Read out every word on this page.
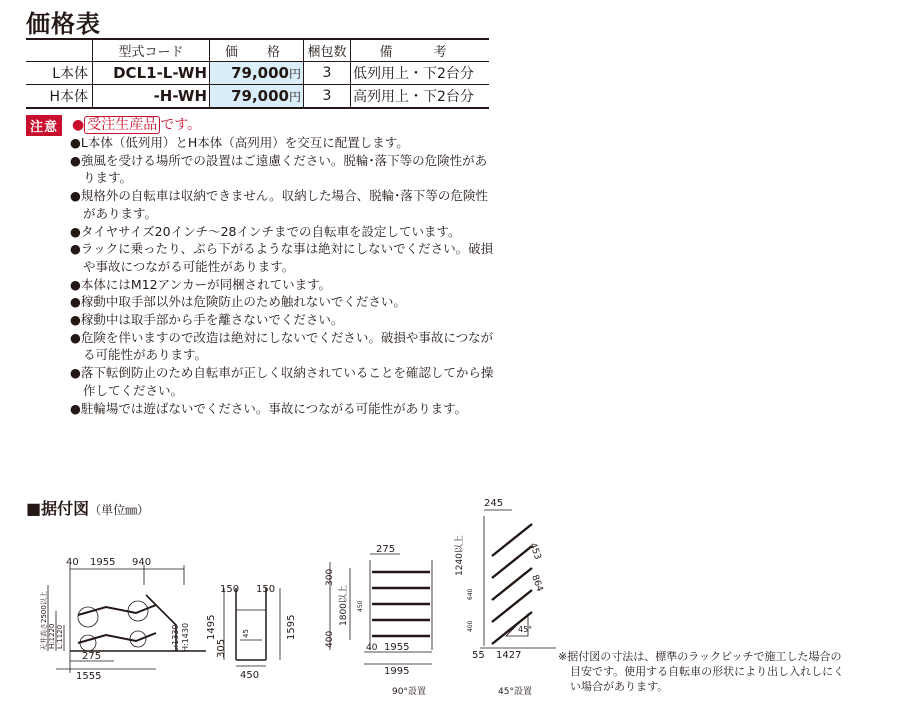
価格表
	型式コード	価　格	梱包数	備　考
L本体	DCL1-L-WH	79,000円	3	低列用上・下2台分
H本体	-H-WH	79,000円	3	高列用上・下2台分
注意 ● 受注生産品 です。
● L本体（低列用）とH本体（高列用）を交互に配置します。
● 強風を受ける場所での設置はご遠慮ください。脱輪･落下等の危険性があります。
● 規格外の自転車は収納できません。収納した場合、脱輪･落下等の危険性があります。
● タイヤサイズ20インチ〜28インチまでの自転車を設定しています。
● ラックに乗ったり、ぶら下がるような事は絶対にしないでください。破損や事故につながる可能性があります。
● 本体にはM12アンカーが同梱されています。
● 稼動中取手部以外は危険防止のため触れないでください。
● 稼動中は取手部から手を離さないでください。
● 危険を伴いますので改造は絶対にしないでください。破損や事故につながる可能性があります。
● 落下転倒防止のため自転車が正しく収納されていることを確認してから操作してください。
● 駐輪場では遊ばないでください。事故につながる可能性があります。
■据付図（単位㎜）
40 1955 940
天井高さ2500以上 H:1220 L:1120
275
1555
150 150
1495
305
L:1330 H:1430	1595
45
450
275
300
400
1800以上 450
40 1955
1995
90°設置
245
1240以上
640
400
453
864
45°
55 1427
45°設置
※据付図の寸法は、標準のラックピッチで施工した場合の目安です。使用する自転車の形状により出し入れしにくい場合があります。
